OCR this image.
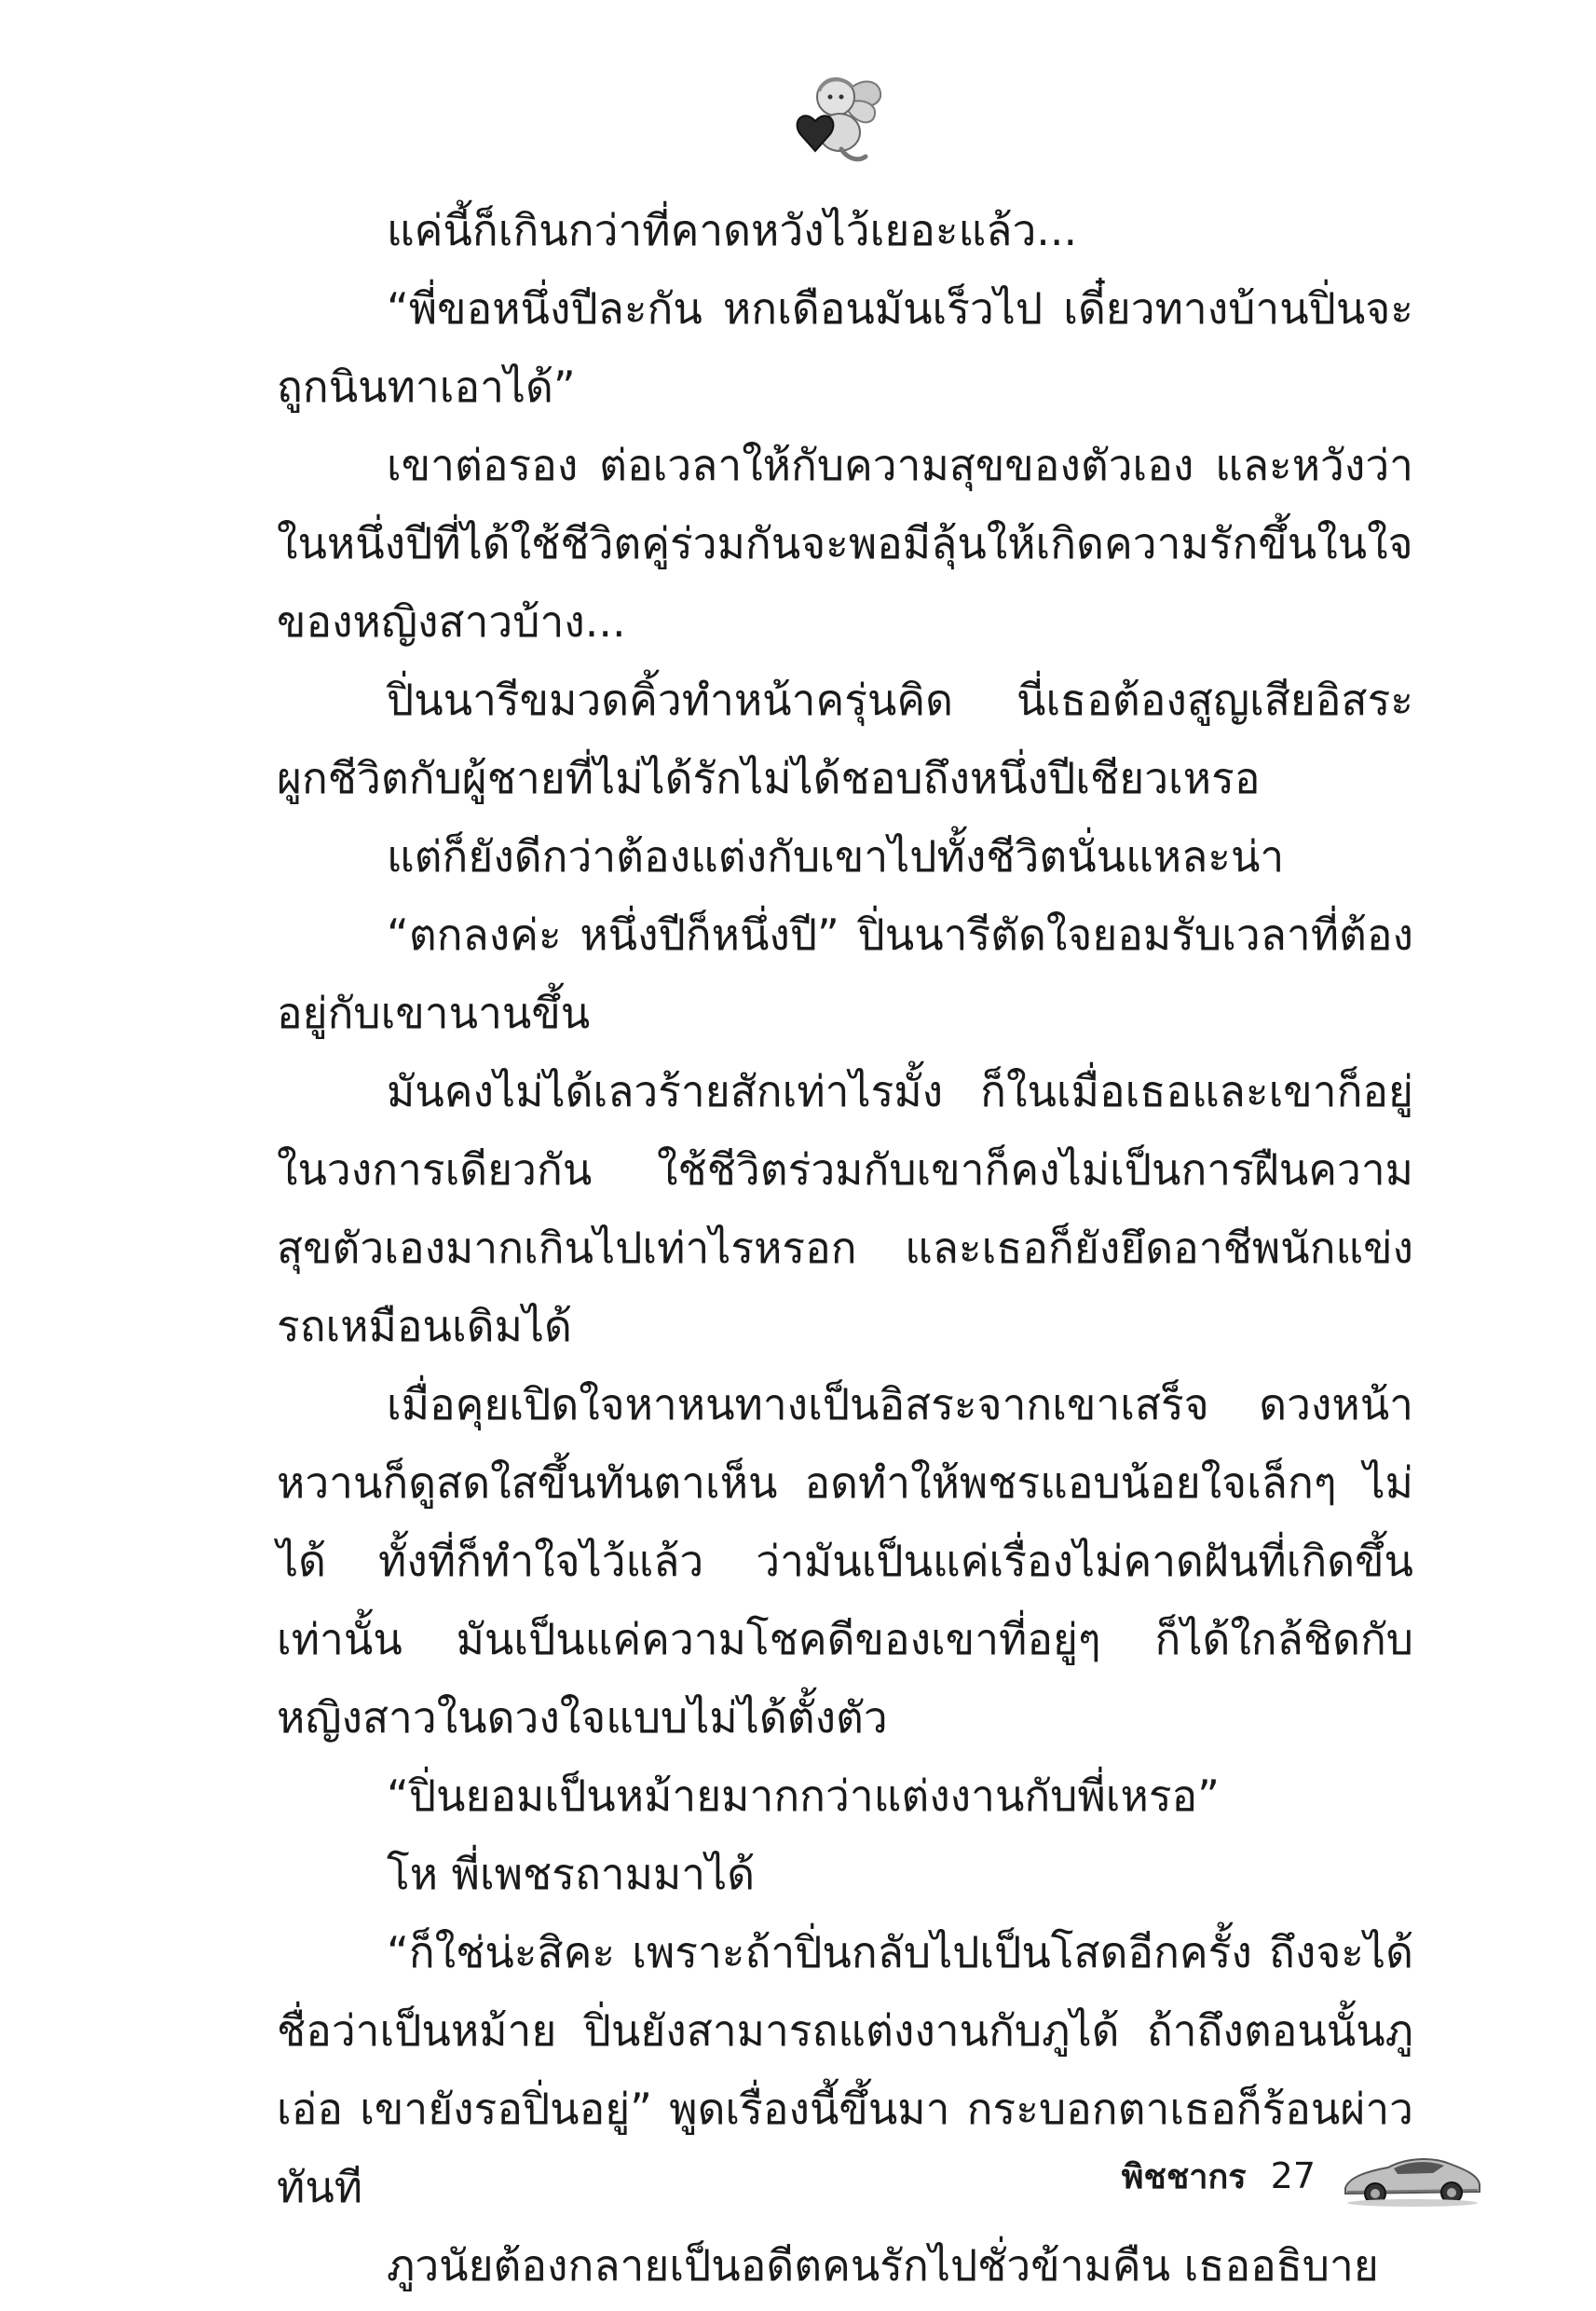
แค่นี้ก็เกินกว่าที่คาดหวังไว้เยอะแล้ว...

“พี่ขอหนึ่งปีละกัน หกเดือนมันเร็วไป เดี๋ยวทางบ้านปิ่นจะถูกนินทาเอาได้”

เขาต่อรอง ต่อเวลาให้กับความสุขของตัวเอง และหวังว่าในหนึ่งปีที่ได้ใช้ชีวิตคู่ร่วมกันจะพอมีลุ้นให้เกิดความรักขึ้นในใจของหญิงสาวบ้าง...

ปิ่นนารีขมวดคิ้วทำหน้าครุ่นคิด นี่เธอต้องสูญเสียอิสระผูกชีวิตกับผู้ชายที่ไม่ได้รักไม่ได้ชอบถึงหนึ่งปีเชียวเหรอ

แต่ก็ยังดีกว่าต้องแต่งกับเขาไปทั้งชีวิตนั่นแหละน่า

“ตกลงค่ะ หนึ่งปีก็หนึ่งปี” ปิ่นนารีตัดใจยอมรับเวลาที่ต้องอยู่กับเขานานขึ้น

มันคงไม่ได้เลวร้ายสักเท่าไรมั้ง ก็ในเมื่อเธอและเขาก็อยู่ในวงการเดียวกัน ใช้ชีวิตร่วมกับเขาก็คงไม่เป็นการฝืนความสุขตัวเองมากเกินไปเท่าไรหรอก และเธอก็ยังยึดอาชีพนักแข่งรถเหมือนเดิมได้

เมื่อคุยเปิดใจหาหนทางเป็นอิสระจากเขาเสร็จ ดวงหน้าหวานก็ดูสดใสขึ้นทันตาเห็น อดทำให้พชรแอบน้อยใจเล็กๆ ไม่ได้ ทั้งที่ก็ทำใจไว้แล้ว ว่ามันเป็นแค่เรื่องไม่คาดฝันที่เกิดขึ้นเท่านั้น มันเป็นแค่ความโชคดีของเขาที่อยู่ๆ ก็ได้ใกล้ชิดกับหญิงสาวในดวงใจแบบไม่ได้ตั้งตัว

“ปิ่นยอมเป็นหม้ายมากกว่าแต่งงานกับพี่เหรอ”

โห พี่เพชรถามมาได้

“ก็ใช่น่ะสิคะ เพราะถ้าปิ่นกลับไปเป็นโสดอีกครั้ง ถึงจะได้ชื่อว่าเป็นหม้าย ปิ่นยังสามารถแต่งงานกับภูได้ ถ้าถึงตอนนั้นภู เอ่อ เขายังรอปิ่นอยู่” พูดเรื่องนี้ขึ้นมา กระบอกตาเธอก็ร้อนผ่าวทันที

ภูวนัยต้องกลายเป็นอดีตคนรักไปชั่วข้ามคืน เธออธิบาย

พิชชากร 27
